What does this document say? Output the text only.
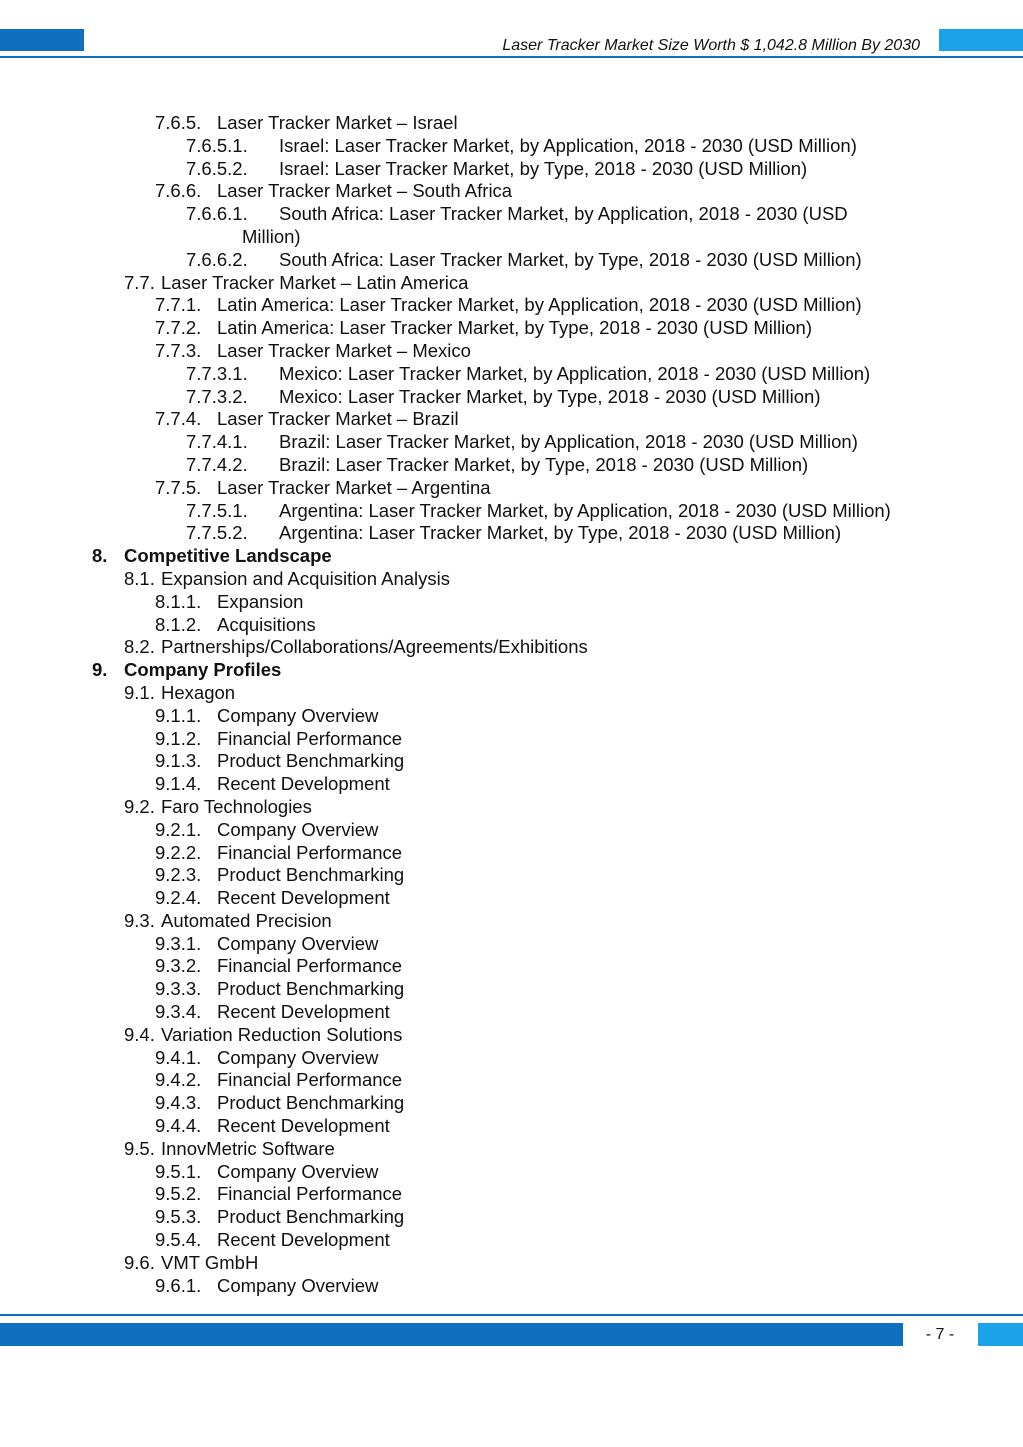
Laser Tracker Market Size Worth $ 1,042.8 Million By 2030
7.6.5. Laser Tracker Market – Israel
7.6.5.1. Israel: Laser Tracker Market, by Application, 2018 - 2030 (USD Million)
7.6.5.2. Israel: Laser Tracker Market, by Type, 2018 - 2030 (USD Million)
7.6.6. Laser Tracker Market – South Africa
7.6.6.1. South Africa: Laser Tracker Market, by Application, 2018 - 2030 (USD
Million)
7.6.6.2. South Africa: Laser Tracker Market, by Type, 2018 - 2030 (USD Million)
7.7. Laser Tracker Market – Latin America
7.7.1. Latin America: Laser Tracker Market, by Application, 2018 - 2030 (USD Million)
7.7.2. Latin America: Laser Tracker Market, by Type, 2018 - 2030 (USD Million)
7.7.3. Laser Tracker Market – Mexico
7.7.3.1. Mexico: Laser Tracker Market, by Application, 2018 - 2030 (USD Million)
7.7.3.2. Mexico: Laser Tracker Market, by Type, 2018 - 2030 (USD Million)
7.7.4. Laser Tracker Market – Brazil
7.7.4.1. Brazil: Laser Tracker Market, by Application, 2018 - 2030 (USD Million)
7.7.4.2. Brazil: Laser Tracker Market, by Type, 2018 - 2030 (USD Million)
7.7.5. Laser Tracker Market – Argentina
7.7.5.1. Argentina: Laser Tracker Market, by Application, 2018 - 2030 (USD Million)
7.7.5.2. Argentina: Laser Tracker Market, by Type, 2018 - 2030 (USD Million)
8. Competitive Landscape
8.1. Expansion and Acquisition Analysis
8.1.1. Expansion
8.1.2. Acquisitions
8.2. Partnerships/Collaborations/Agreements/Exhibitions
9. Company Profiles
9.1. Hexagon
9.1.1. Company Overview
9.1.2. Financial Performance
9.1.3. Product Benchmarking
9.1.4. Recent Development
9.2. Faro Technologies
9.2.1. Company Overview
9.2.2. Financial Performance
9.2.3. Product Benchmarking
9.2.4. Recent Development
9.3. Automated Precision
9.3.1. Company Overview
9.3.2. Financial Performance
9.3.3. Product Benchmarking
9.3.4. Recent Development
9.4. Variation Reduction Solutions
9.4.1. Company Overview
9.4.2. Financial Performance
9.4.3. Product Benchmarking
9.4.4. Recent Development
9.5. InnovMetric Software
9.5.1. Company Overview
9.5.2. Financial Performance
9.5.3. Product Benchmarking
9.5.4. Recent Development
9.6. VMT GmbH
9.6.1. Company Overview
- 7 -
